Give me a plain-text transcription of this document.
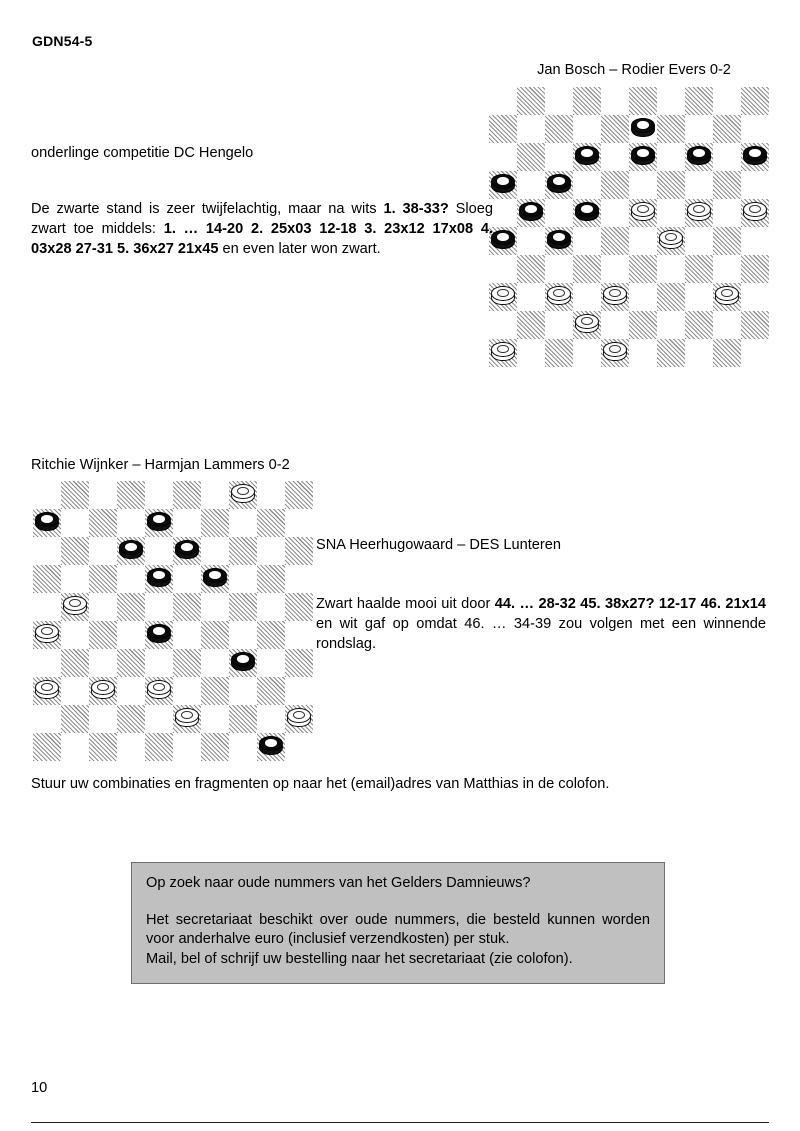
GDN54-5
Jan Bosch – Rodier Evers 0-2
onderlinge competitie DC Hengelo
De zwarte stand is zeer twijfelachtig, maar na wits 1. 38-33? Sloeg zwart toe middels: 1. … 14-20 2. 25x03 12-18 3. 23x12 17x08 4. 03x28 27-31 5. 36x27 21x45 en even later won zwart.
Ritchie Wijnker – Harmjan Lammers 0-2
SNA Heerhugowaard – DES Lunteren
Zwart haalde mooi uit door 44. … 28-32 45. 38x27? 12-17 46. 21x14 en wit gaf op omdat 46. … 34-39 zou volgen met een winnende rondslag.
Stuur uw combinaties en fragmenten op naar het (email)adres van Matthias in de colofon.

Op zoek naar oude nummers van het Gelders Damnieuws?

Het secretariaat beschikt over oude nummers, die besteld kunnen worden voor anderhalve euro (inclusief verzendkosten) per stuk.

Mail, bel of schrijf uw bestelling naar het secretariaat (zie colofon).

10
